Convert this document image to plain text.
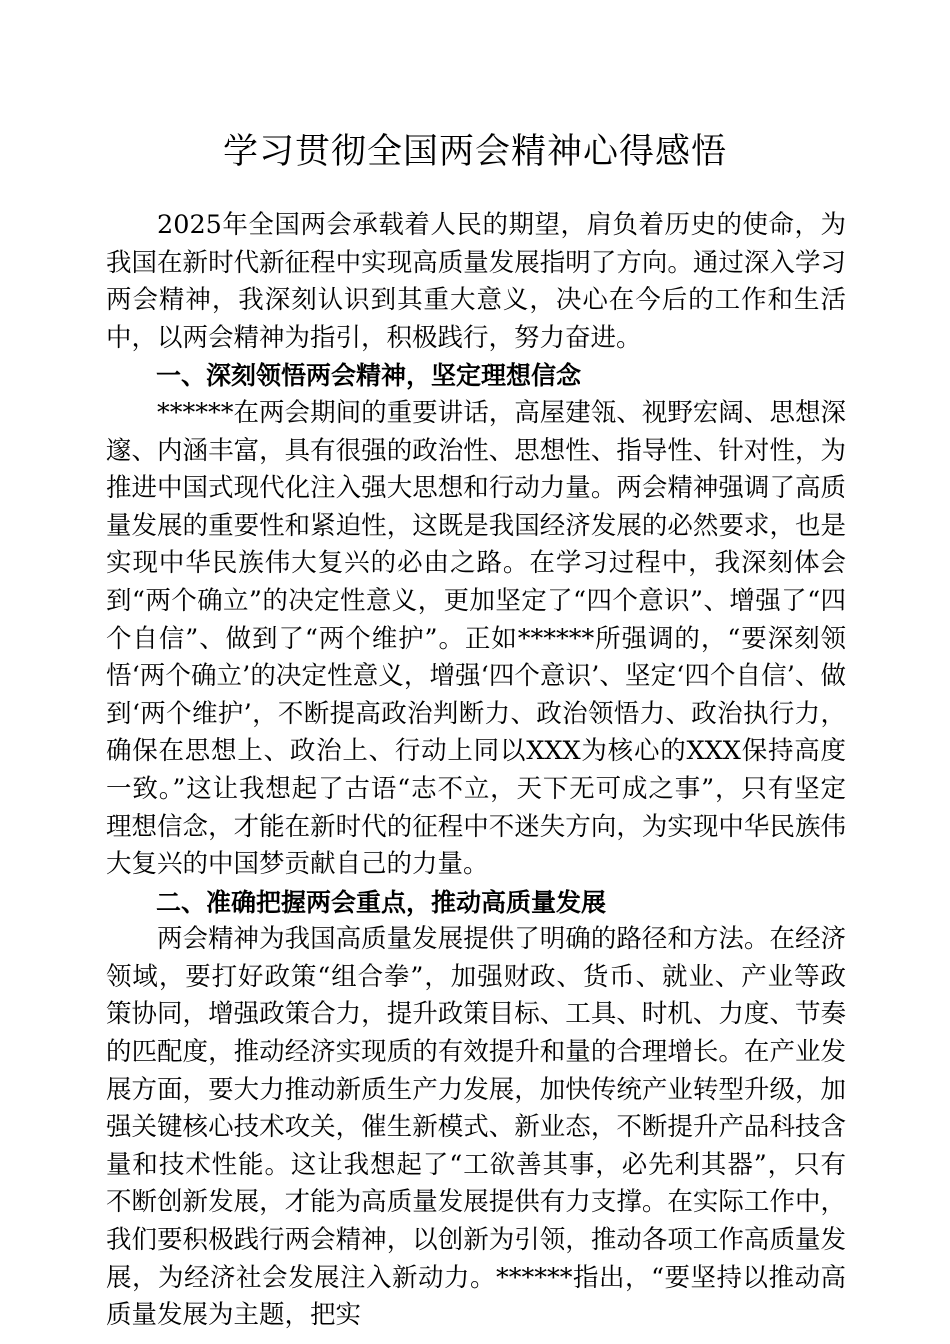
学习贯彻全国两会精神心得感悟

2025年全国两会承载着人民的期望，肩负着历史的使命，为我国在新时代新征程中实现高质量发展指明了方向。通过深入学习两会精神，我深刻认识到其重大意义，决心在今后的工作和生活中，以两会精神为指引，积极践行，努力奋进。

一、深刻领悟两会精神，坚定理想信念

******在两会期间的重要讲话，高屋建瓴、视野宏阔、思想深邃、内涵丰富，具有很强的政治性、思想性、指导性、针对性，为推进中国式现代化注入强大思想和行动力量。两会精神强调了高质量发展的重要性和紧迫性，这既是我国经济发展的必然要求，也是实现中华民族伟大复兴的必由之路。在学习过程中，我深刻体会到“两个确立”的决定性意义，更加坚定了“四个意识”、增强了“四个自信”、做到了“两个维护”。正如******所强调的，“要深刻领悟‘两个确立’的决定性意义，增强‘四个意识’、坚定‘四个自信’、做到‘两个维护’，不断提高政治判断力、政治领悟力、政治执行力，确保在思想上、政治上、行动上同以XXX为核心的XXX保持高度一致。”这让我想起了古语“志不立，天下无可成之事”，只有坚定理想信念，才能在新时代的征程中不迷失方向，为实现中华民族伟大复兴的中国梦贡献自己的力量。

二、准确把握两会重点，推动高质量发展

两会精神为我国高质量发展提供了明确的路径和方法。在经济领域，要打好政策“组合拳”，加强财政、货币、就业、产业等政策协同，增强政策合力，提升政策目标、工具、时机、力度、节奏的匹配度，推动经济实现质的有效提升和量的合理增长。在产业发展方面，要大力推动新质生产力发展，加快传统产业转型升级，加强关键核心技术攻关，催生新模式、新业态，不断提升产品科技含量和技术性能。这让我想起了“工欲善其事，必先利其器”，只有不断创新发展，才能为高质量发展提供有力支撑。在实际工作中，我们要积极践行两会精神，以创新为引领，推动各项工作高质量发展，为经济社会发展注入新动力。******指出，“要坚持以推动高质量发展为主题，把实
